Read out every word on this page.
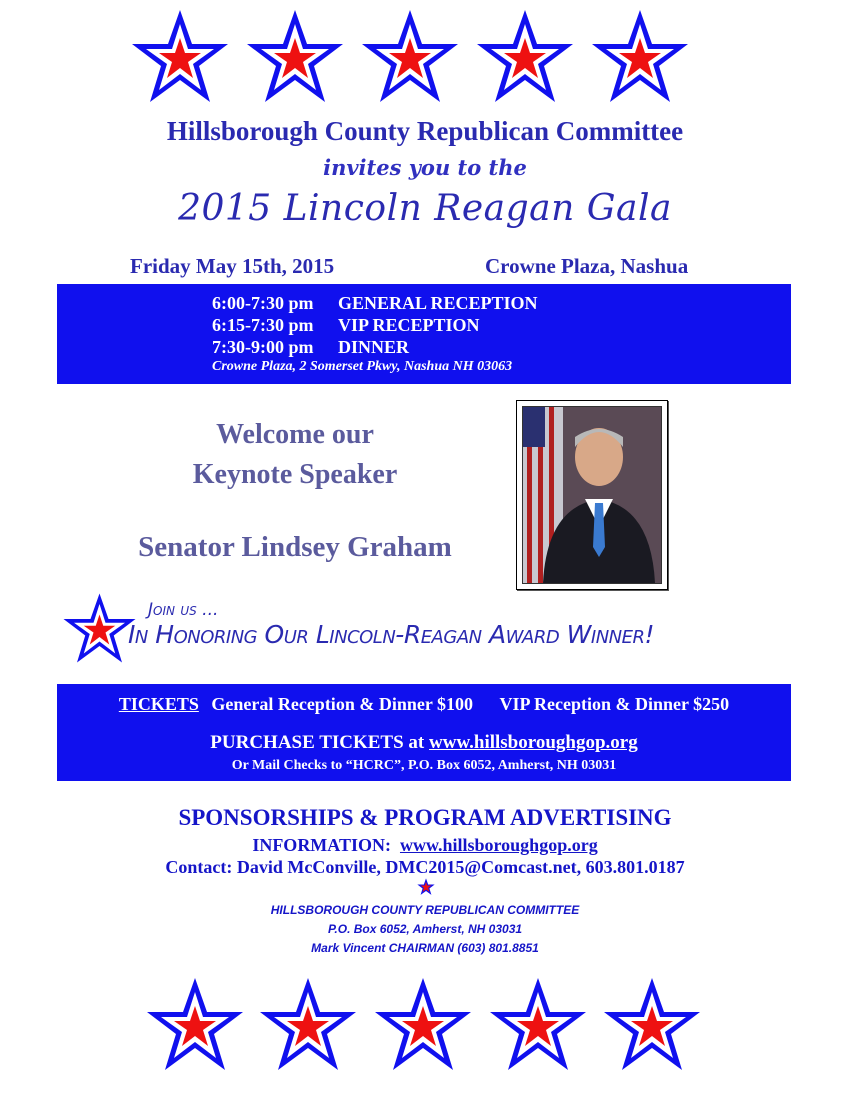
Hillsborough County Republican Committee
invites you to the
2015 Lincoln Reagan Gala
Friday May 15th, 2015	Crowne Plaza, Nashua
6:00-7:30 pm GENERAL RECEPTION
6:15-7:30 pm VIP RECEPTION
7:30-9:00 pm DINNER
Crowne Plaza, 2 Somerset Pkwy, Nashua NH 03063
Welcome our
Keynote Speaker
Senator Lindsey Graham
Join us ...
In Honoring Our Lincoln-Reagan Award Winner!
TICKETS General Reception & Dinner $100 VIP Reception & Dinner $250
PURCHASE TICKETS at www.hillsboroughgop.org
Or Mail Checks to “HCRC”, P.O. Box 6052, Amherst, NH 03031
SPONSORSHIPS & PROGRAM ADVERTISING
INFORMATION: www.hillsboroughgop.org
Contact: David McConville, DMC2015@Comcast.net, 603.801.0187
HILLSBOROUGH COUNTY REPUBLICAN COMMITTEE
P.O. Box 6052, Amherst, NH 03031
Mark Vincent CHAIRMAN (603) 801.8851
